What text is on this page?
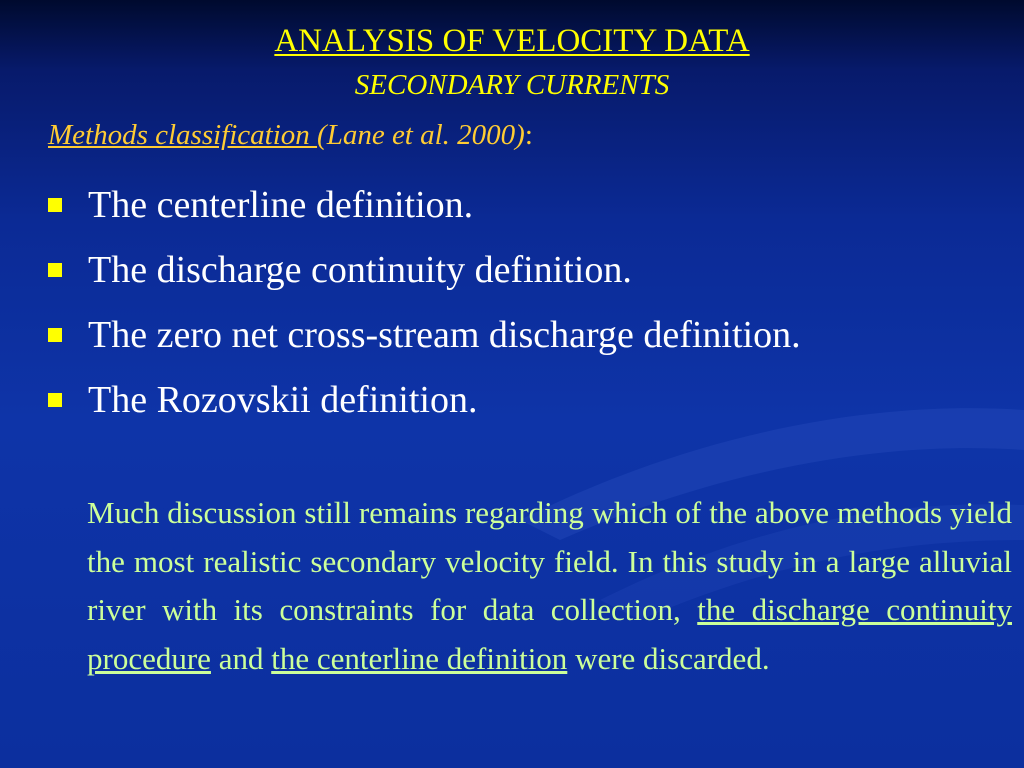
ANALYSIS OF VELOCITY DATA
SECONDARY CURRENTS
Methods classification (Lane et al. 2000):
The centerline definition.
The discharge continuity definition.
The zero net cross-stream discharge definition.
The Rozovskii definition.

Much discussion still remains regarding which of the above methods yield the most realistic secondary velocity field. In this study in a large alluvial river with its constraints for data collection, the discharge continuity procedure and the centerline definition were discarded.
